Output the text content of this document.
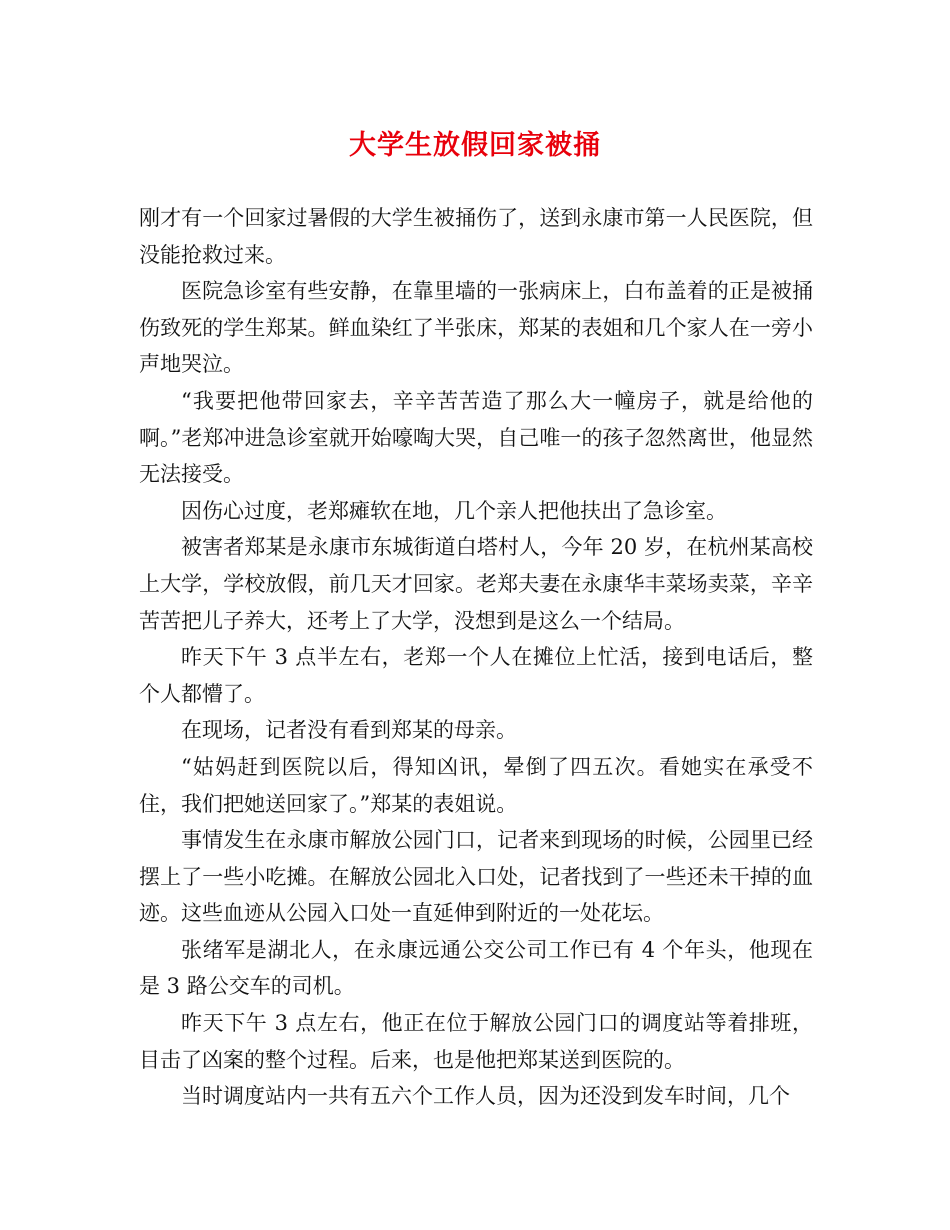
大学生放假回家被捅

刚才有一个回家过暑假的大学生被捅伤了，送到永康市第一人民医院，但没能抢救过来。

医院急诊室有些安静，在靠里墙的一张病床上，白布盖着的正是被捅伤致死的学生郑某。鲜血染红了半张床，郑某的表姐和几个家人在一旁小声地哭泣。

“我要把他带回家去，辛辛苦苦造了那么大一幢房子，就是给他的啊。”老郑冲进急诊室就开始嚎啕大哭，自己唯一的孩子忽然离世，他显然无法接受。

因伤心过度，老郑瘫软在地，几个亲人把他扶出了急诊室。

被害者郑某是永康市东城街道白塔村人，今年 20 岁，在杭州某高校上大学，学校放假，前几天才回家。老郑夫妻在永康华丰菜场卖菜，辛辛苦苦把儿子养大，还考上了大学，没想到是这么一个结局。

昨天下午 3 点半左右，老郑一个人在摊位上忙活，接到电话后，整个人都懵了。

在现场，记者没有看到郑某的母亲。

“姑妈赶到医院以后，得知凶讯，晕倒了四五次。看她实在承受不住，我们把她送回家了。”郑某的表姐说。

事情发生在永康市解放公园门口，记者来到现场的时候，公园里已经摆上了一些小吃摊。在解放公园北入口处，记者找到了一些还未干掉的血迹。这些血迹从公园入口处一直延伸到附近的一处花坛。

张绪军是湖北人，在永康远通公交公司工作已有 4 个年头，他现在是 3 路公交车的司机。

昨天下午 3 点左右，他正在位于解放公园门口的调度站等着排班，目击了凶案的整个过程。后来，也是他把郑某送到医院的。

当时调度站内一共有五六个工作人员，因为还没到发车时间，几个
